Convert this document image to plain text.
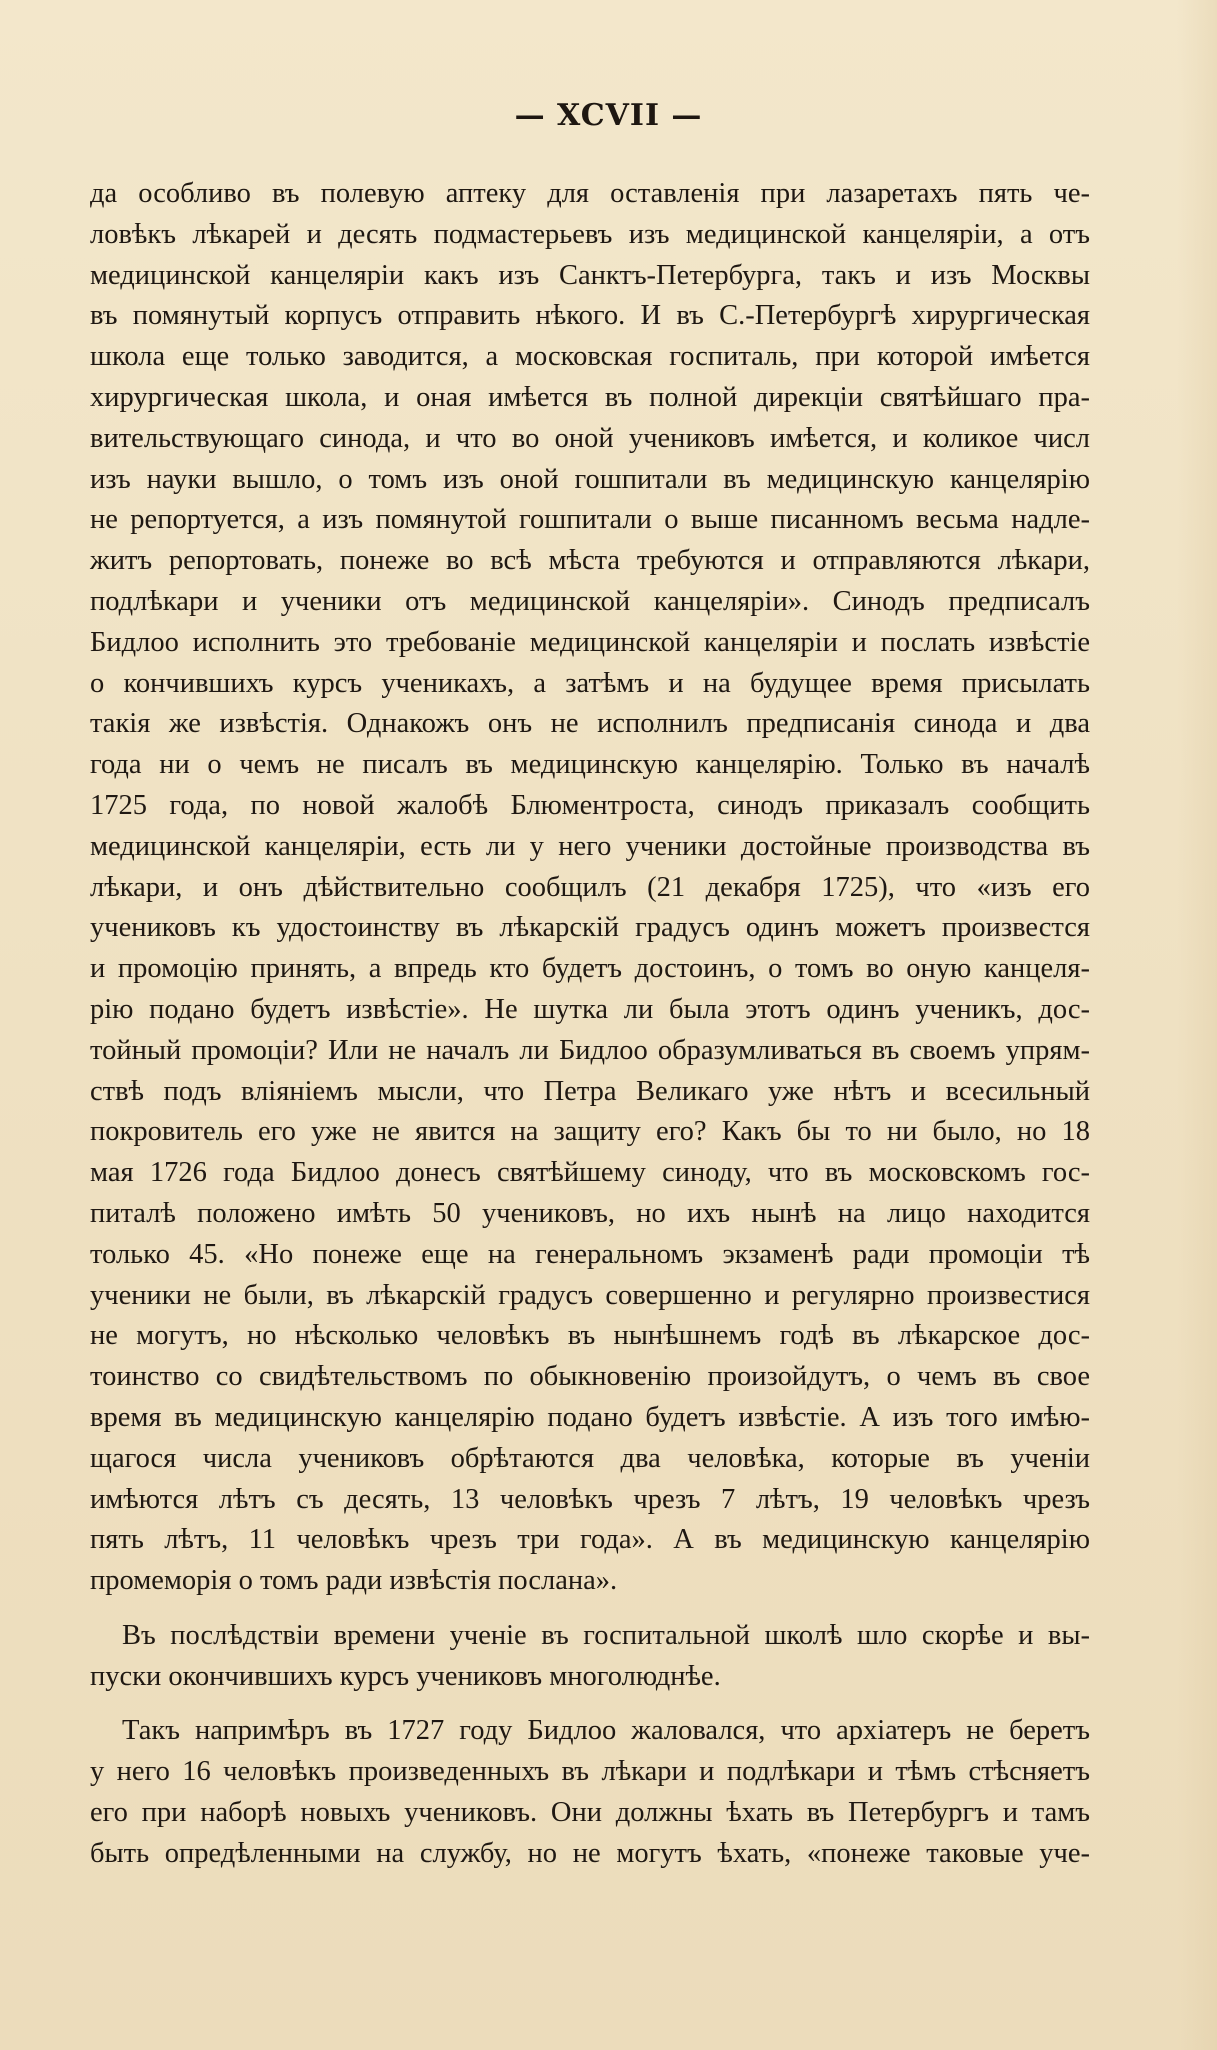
— XCVII —
да особливо въ полевую аптеку для оставленія при лазаретахъ пять че-
ловѣкъ лѣкарей и десять подмастерьевъ изъ медицинской канцеляріи, а отъ
медицинской канцеляріи какъ изъ Санктъ-Петербурга, такъ и изъ Москвы
въ помянутый корпусъ отправить нѣкого. И въ С.-Петербургѣ хирургическая
школа еще только заводится, а московская госпиталь, при которой имѣется
хирургическая школа, и оная имѣется въ полной дирекціи святѣйшаго пра-
вительствующаго синода, и что во оной учениковъ имѣется, и коликое числ
изъ науки вышло, о томъ изъ оной гошпитали въ медицинскую канцелярію
не репортуется, а изъ помянутой гошпитали о выше писанномъ весьма надле-
житъ репортовать, понеже во всѣ мѣста требуются и отправляются лѣкари,
подлѣкари и ученики отъ медицинской канцеляріи». Синодъ предписалъ
Бидлоо исполнить это требованіе медицинской канцеляріи и послать извѣстіе
о кончившихъ курсъ ученикахъ, а затѣмъ и на будущее время присылать
такія же извѣстія. Однакожъ онъ не исполнилъ предписанія синода и два
года ни о чемъ не писалъ въ медицинскую канцелярію. Только въ началѣ
1725 года, по новой жалобѣ Блюментроста, синодъ приказалъ сообщить
медицинской канцеляріи, есть ли у него ученики достойные производства въ
лѣкари, и онъ дѣйствительно сообщилъ (21 декабря 1725), что «изъ его
учениковъ къ удостоинству въ лѣкарскій градусъ одинъ можетъ произвестся
и промоцію принять, а впредь кто будетъ достоинъ, о томъ во оную канцеля-
рію подано будетъ извѣстіе». Не шутка ли была этотъ одинъ ученикъ, дос-
тойный промоціи? Или не началъ ли Бидлоо образумливаться въ своемъ упрям-
ствѣ подъ вліяніемъ мысли, что Петра Великаго уже нѣтъ и всесильный
покровитель его уже не явится на защиту его? Какъ бы то ни было, но 18
мая 1726 года Бидлоо донесъ святѣйшему синоду, что въ московскомъ гос-
питалѣ положено имѣть 50 учениковъ, но ихъ нынѣ на лицо находится
только 45. «Но понеже еще на генеральномъ экзаменѣ ради промоціи тѣ
ученики не были, въ лѣкарскій градусъ совершенно и регулярно произвестися
не могутъ, но нѣсколько человѣкъ въ нынѣшнемъ годѣ въ лѣкарское дос-
тоинство со свидѣтельствомъ по обыкновенію произойдутъ, о чемъ въ свое
время въ медицинскую канцелярію подано будетъ извѣстіе. А изъ того имѣю-
щагося числа учениковъ обрѣтаются два человѣка, которые въ ученіи
имѣются лѣтъ съ десять, 13 человѣкъ чрезъ 7 лѣтъ, 19 человѣкъ чрезъ
пять лѣтъ, 11 человѣкъ чрезъ три года». А въ медицинскую канцелярію
промеморія о томъ ради извѣстія послана».
Въ послѣдствіи времени ученіе въ госпитальной школѣ шло скорѣе и вы-
пуски окончившихъ курсъ учениковъ многолюднѣе.
Такъ напримѣръ въ 1727 году Бидлоо жаловался, что архіатеръ не беретъ
у него 16 человѣкъ произведенныхъ въ лѣкари и подлѣкари и тѣмъ стѣсняетъ
его при наборѣ новыхъ учениковъ. Они должны ѣхать въ Петербургъ и тамъ
быть опредѣленными на службу, но не могутъ ѣхать, «понеже таковые уче-
